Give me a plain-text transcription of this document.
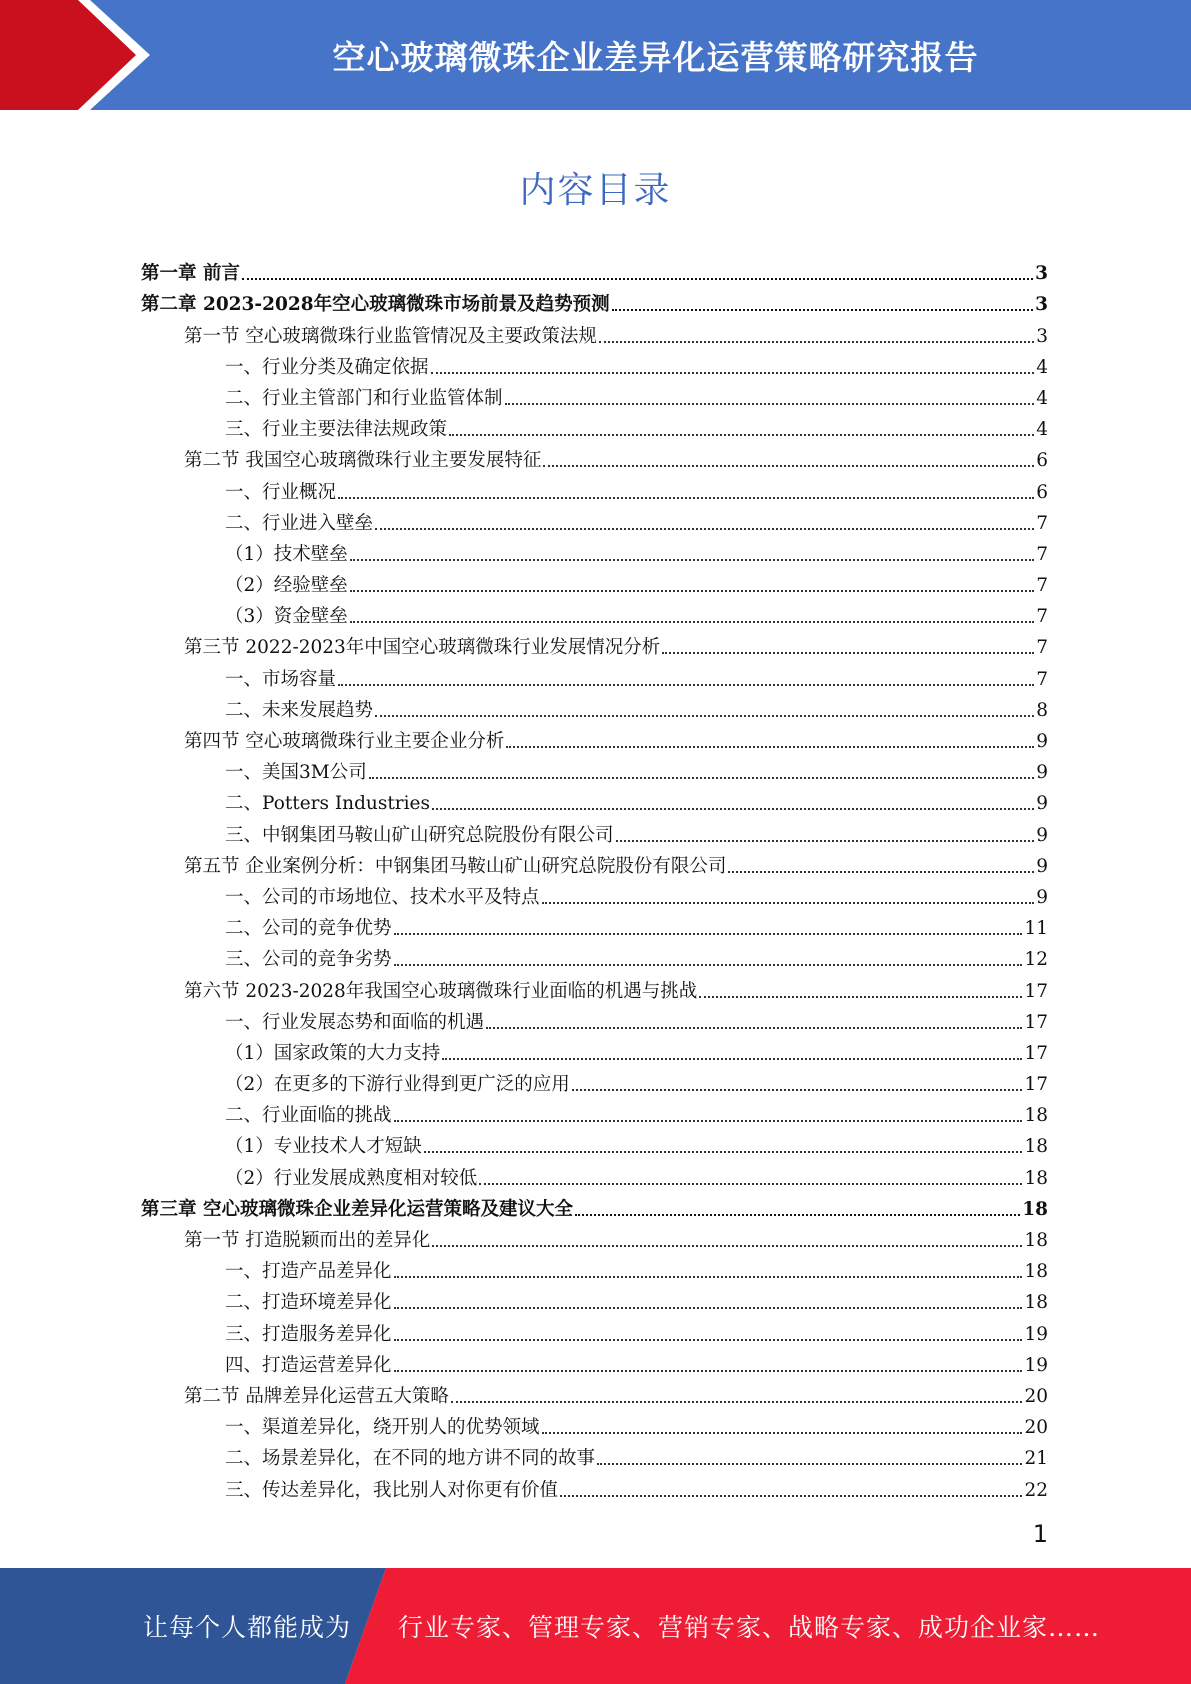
空心玻璃微珠企业差异化运营策略研究报告
内容目录
第一章 前言	3
第二章 2023-2028年空心玻璃微珠市场前景及趋势预测	3
第一节 空心玻璃微珠行业监管情况及主要政策法规	3
一、行业分类及确定依据	4
二、行业主管部门和行业监管体制	4
三、行业主要法律法规政策	4
第二节 我国空心玻璃微珠行业主要发展特征	6
一、行业概况	6
二、行业进入壁垒	7
（1）技术壁垒	7
（2）经验壁垒	7
（3）资金壁垒	7
第三节 2022-2023年中国空心玻璃微珠行业发展情况分析	7
一、市场容量	7
二、未来发展趋势	8
第四节 空心玻璃微珠行业主要企业分析	9
一、美国3M公司	9
二、Potters Industries	9
三、中钢集团马鞍山矿山研究总院股份有限公司	9
第五节 企业案例分析：中钢集团马鞍山矿山研究总院股份有限公司	9
一、公司的市场地位、技术水平及特点	9
二、公司的竞争优势	11
三、公司的竞争劣势	12
第六节 2023-2028年我国空心玻璃微珠行业面临的机遇与挑战	17
一、行业发展态势和面临的机遇	17
（1）国家政策的大力支持	17
（2）在更多的下游行业得到更广泛的应用	17
二、行业面临的挑战	18
（1）专业技术人才短缺	18
（2）行业发展成熟度相对较低	18
第三章 空心玻璃微珠企业差异化运营策略及建议大全	18
第一节 打造脱颖而出的差异化	18
一、打造产品差异化	18
二、打造环境差异化	18
三、打造服务差异化	19
四、打造运营差异化	19
第二节 品牌差异化运营五大策略	20
一、渠道差异化，绕开别人的优势领域	20
二、场景差异化，在不同的地方讲不同的故事	21
三、传达差异化，我比别人对你更有价值	22
1
让每个人都能成为 行业专家、管理专家、营销专家、战略专家、成功企业家……
